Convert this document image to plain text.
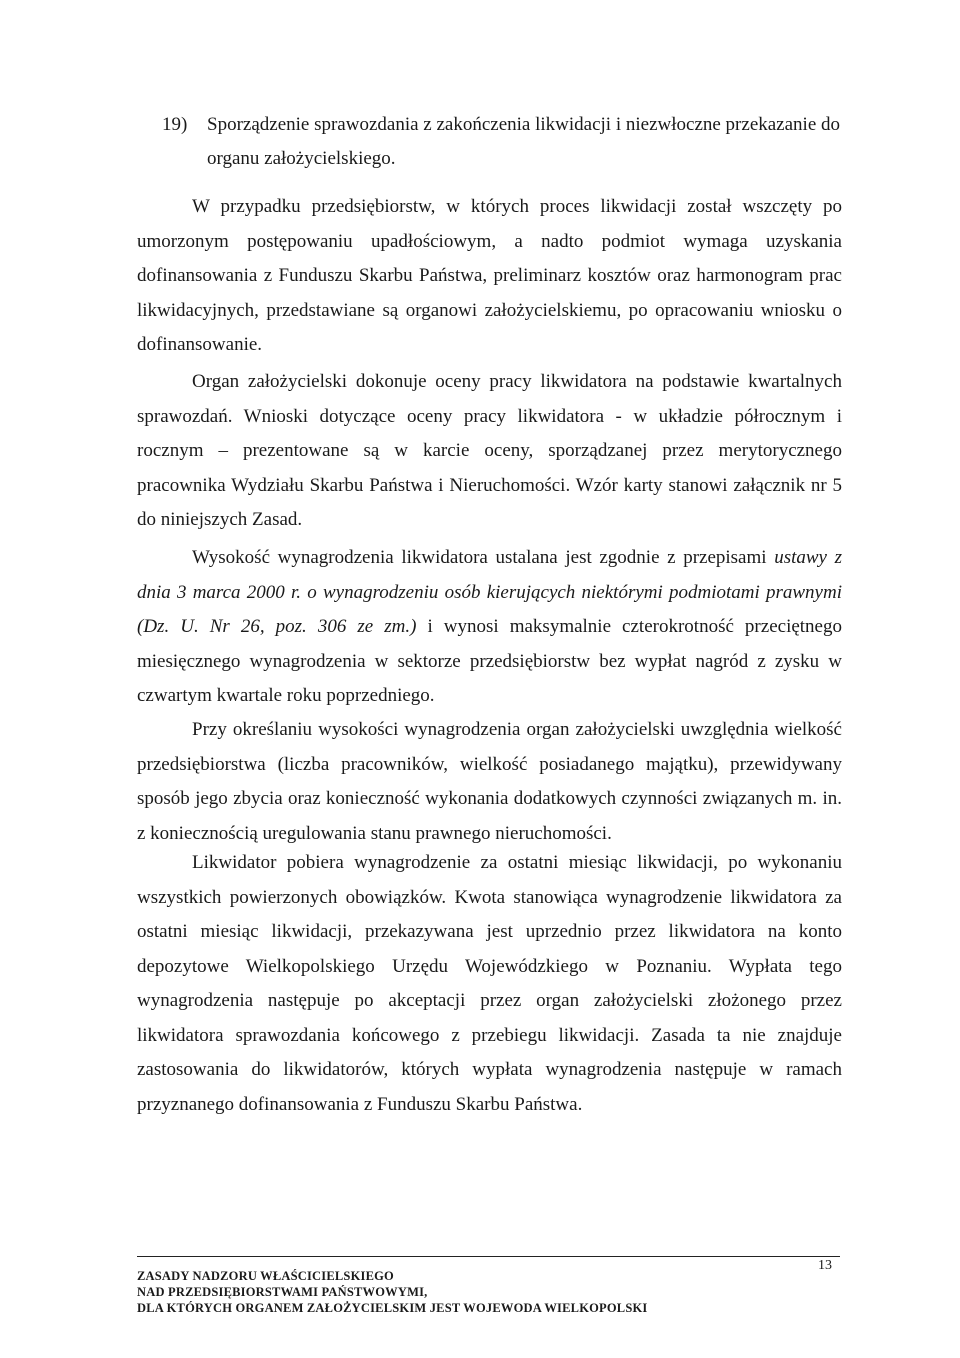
19) Sporządzenie sprawozdania z zakończenia likwidacji i niezwłoczne przekazanie do organu założycielskiego.

W przypadku przedsiębiorstw, w których proces likwidacji został wszczęty po umorzonym postępowaniu upadłościowym, a nadto podmiot wymaga uzyskania dofinansowania z Funduszu Skarbu Państwa, preliminarz kosztów oraz harmonogram prac likwidacyjnych, przedstawiane są organowi założycielskiemu, po opracowaniu wniosku o dofinansowanie.

Organ założycielski dokonuje oceny pracy likwidatora na podstawie kwartalnych sprawozdań. Wnioski dotyczące oceny pracy likwidatora - w układzie półrocznym i rocznym – prezentowane są w karcie oceny, sporządzanej przez merytorycznego pracownika Wydziału Skarbu Państwa i Nieruchomości. Wzór karty stanowi załącznik nr 5 do niniejszych Zasad.

Wysokość wynagrodzenia likwidatora ustalana jest zgodnie z przepisami ustawy z dnia 3 marca 2000 r. o wynagrodzeniu osób kierujących niektórymi podmiotami prawnymi (Dz. U. Nr 26, poz. 306 ze zm.) i wynosi maksymalnie czterokrotność przeciętnego miesięcznego wynagrodzenia w sektorze przedsiębiorstw bez wypłat nagród z zysku w czwartym kwartale roku poprzedniego.

Przy określaniu wysokości wynagrodzenia organ założycielski uwzględnia wielkość przedsiębiorstwa (liczba pracowników, wielkość posiadanego majątku), przewidywany sposób jego zbycia oraz konieczność wykonania dodatkowych czynności związanych m. in. z koniecznością uregulowania stanu prawnego nieruchomości.

Likwidator pobiera wynagrodzenie za ostatni miesiąc likwidacji, po wykonaniu wszystkich powierzonych obowiązków. Kwota stanowiąca wynagrodzenie likwidatora za ostatni miesiąc likwidacji, przekazywana jest uprzednio przez likwidatora na konto depozytowe Wielkopolskiego Urzędu Wojewódzkiego w Poznaniu. Wypłata tego wynagrodzenia następuje po akceptacji przez organ założycielski złożonego przez likwidatora sprawozdania końcowego z przebiegu likwidacji. Zasada ta nie znajduje zastosowania do likwidatorów, których wypłata wynagrodzenia następuje w ramach przyznanego dofinansowania z Funduszu Skarbu Państwa.

ZASADY NADZORU WŁAŚCICIELSKIEGO
NAD PRZEDSIĘBIORSTWAMI PAŃSTWOWYMI,
DLA KTÓRYCH ORGANEM ZAŁOŻYCIELSKIM JEST WOJEWODA WIELKOPOLSKI
13
